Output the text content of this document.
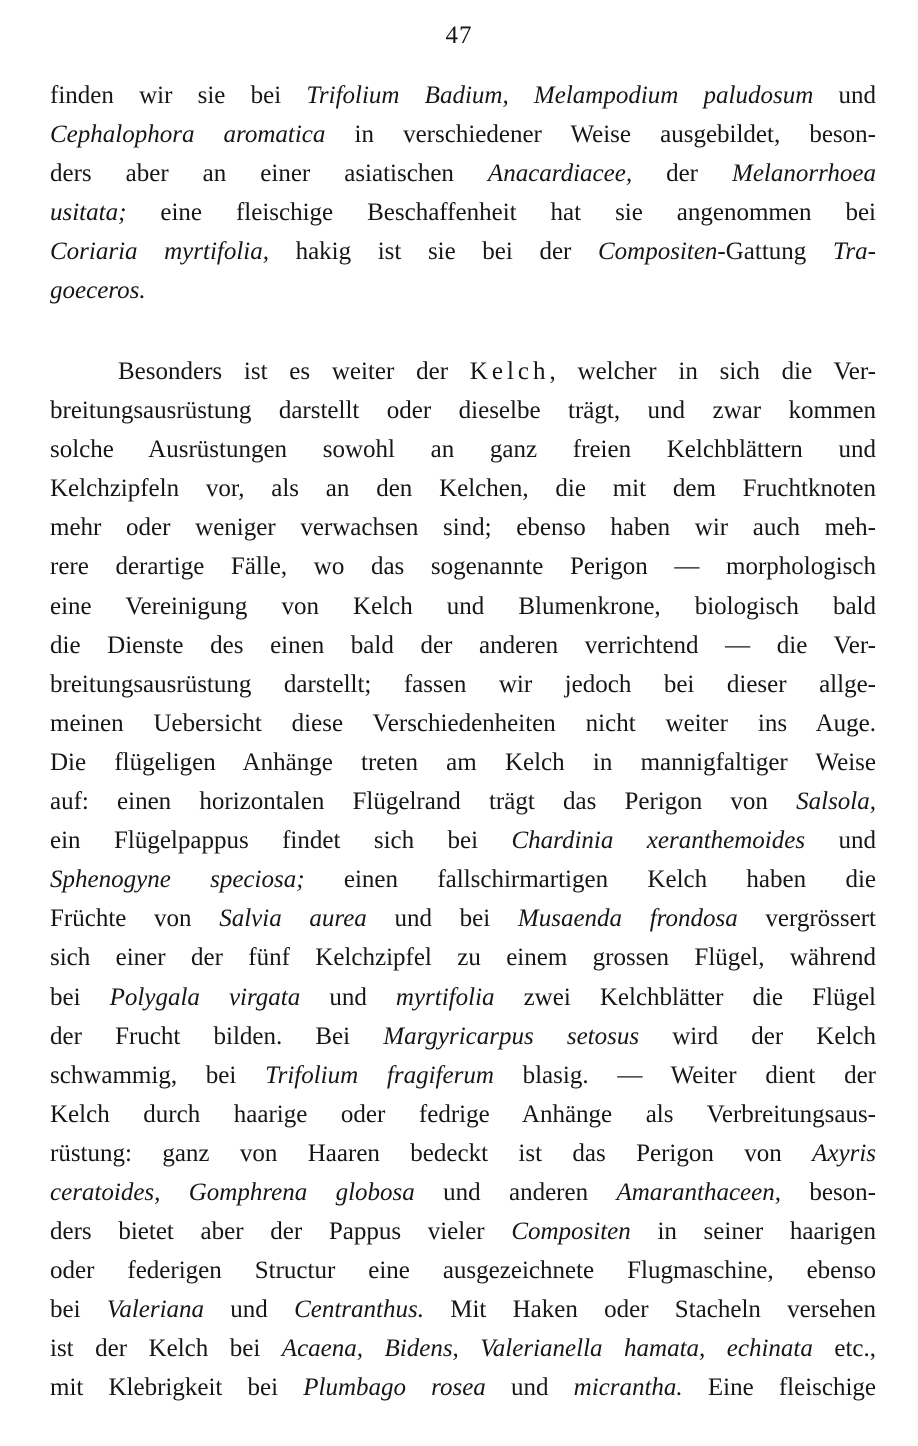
47
finden wir sie bei Trifolium Badium, Melampodium paludosum und
Cephalophora aromatica in verschiedener Weise ausgebildet, beson-
ders aber an einer asiatischen Anacardiacee, der Melanorrhoea
usitata; eine fleischige Beschaffenheit hat sie angenommen bei
Coriaria myrtifolia, hakig ist sie bei der Compositen-Gattung Tra-
goeceros.
Besonders ist es weiter der Kelch, welcher in sich die Ver-
breitungsausrüstung darstellt oder dieselbe trägt, und zwar kommen
solche Ausrüstungen sowohl an ganz freien Kelchblättern und
Kelchzipfeln vor, als an den Kelchen, die mit dem Fruchtknoten
mehr oder weniger verwachsen sind; ebenso haben wir auch meh-
rere derartige Fälle, wo das sogenannte Perigon — morphologisch
eine Vereinigung von Kelch und Blumenkrone, biologisch bald
die Dienste des einen bald der anderen verrichtend — die Ver-
breitungsausrüstung darstellt; fassen wir jedoch bei dieser allge-
meinen Uebersicht diese Verschiedenheiten nicht weiter ins Auge.
Die flügeligen Anhänge treten am Kelch in mannigfaltiger Weise
auf: einen horizontalen Flügelrand trägt das Perigon von Salsola,
ein Flügelpappus findet sich bei Chardinia xeranthemoides und
Sphenogyne speciosa; einen fallschirmartigen Kelch haben die
Früchte von Salvia aurea und bei Musaenda frondosa vergrössert
sich einer der fünf Kelchzipfel zu einem grossen Flügel, während
bei Polygala virgata und myrtifolia zwei Kelchblätter die Flügel
der Frucht bilden. Bei Margyricarpus setosus wird der Kelch
schwammig, bei Trifolium fragiferum blasig. — Weiter dient der
Kelch durch haarige oder fedrige Anhänge als Verbreitungsaus-
rüstung: ganz von Haaren bedeckt ist das Perigon von Axyris
ceratoides, Gomphrena globosa und anderen Amaranthaceen, beson-
ders bietet aber der Pappus vieler Compositen in seiner haarigen
oder federigen Structur eine ausgezeichnete Flugmaschine, ebenso
bei Valeriana und Centranthus. Mit Haken oder Stacheln versehen
ist der Kelch bei Acaena, Bidens, Valerianella hamata, echinata etc.,
mit Klebrigkeit bei Plumbago rosea und micrantha. Eine fleischige
